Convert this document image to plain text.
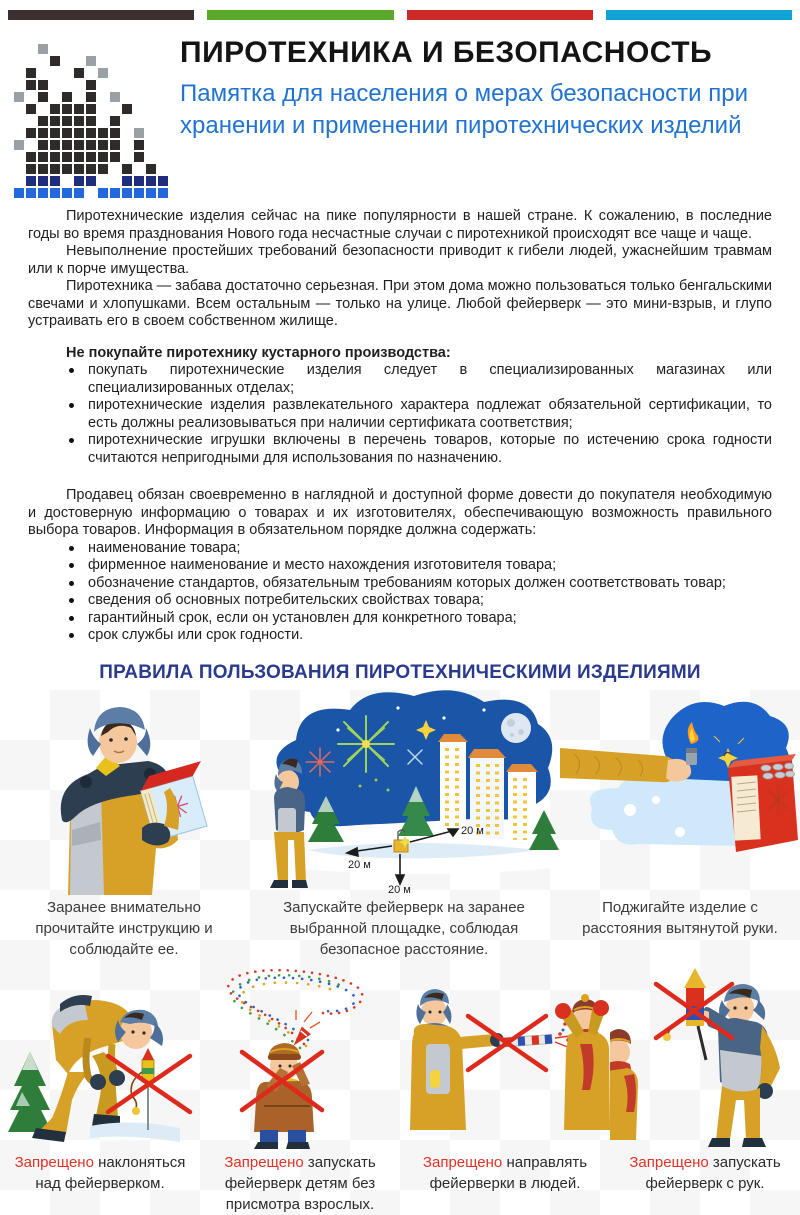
ПИРОТЕХНИКА И БЕЗОПАСНОСТЬ
Памятка для населения о мерах безопасности при хранении и применении пиротехнических изделий

Пиротехнические изделия сейчас на пике популярности в нашей стране. К сожалению, в последние годы во время празднования Нового года несчастные случаи с пиротехникой происходят все чаще и чаще.

Невыполнение простейших требований безопасности приводит к гибели людей, ужаснейшим травмам или к порче имущества.

Пиротехника — забава достаточно серьезная. При этом дома можно пользоваться только бенгальскими свечами и хлопушками. Всем остальным — только на улице. Любой фейерверк — это мини-взрыв, и глупо устраивать его в своем собственном жилище.

Не покупайте пиротехнику кустарного производства:

покупать пиротехнические изделия следует в специализированных магазинах или специализированных отделах;
пиротехнические изделия развлекательного характера подлежат обязательной сертификации, то есть должны реализовываться при наличии сертификата соответствия;
пиротехнические игрушки включены в перечень товаров, которые по истечению срока годности считаются непригодными для использования по назначению.

Продавец обязан своевременно в наглядной и доступной форме довести до покупателя необходимую и достоверную информацию о товарах и их изготовителях, обеспечивающую возможность правильного выбора товаров. Информация в обязательном порядке должна содержать:

наименование товара;
фирменное наименование и место нахождения изготовителя товара;
обозначение стандартов, обязательным требованиям которых должен соответствовать товар;
сведения об основных потребительских свойствах товара;
гарантийный срок, если он установлен для конкретного товара;
срок службы или срок годности.
ПРАВИЛА ПОЛЬЗОВАНИЯ ПИРОТЕХНИЧЕСКИМИ ИЗДЕЛИЯМИ

Заранее внимательно прочитайте инструкцию и соблюдайте ее.

20 м
20 м
20 м

Запускайте фейерверк на заранее выбранной площадке, соблюдая безопасное расстояние.

Поджигайте изделие с расстояния вытянутой руки.

Запрещено наклоняться над фейерверком.

Запрещено запускать фейерверк детям без присмотра взрослых.

Запрещено направлять фейерверки в людей.

Запрещено запускать фейерверк с рук.
